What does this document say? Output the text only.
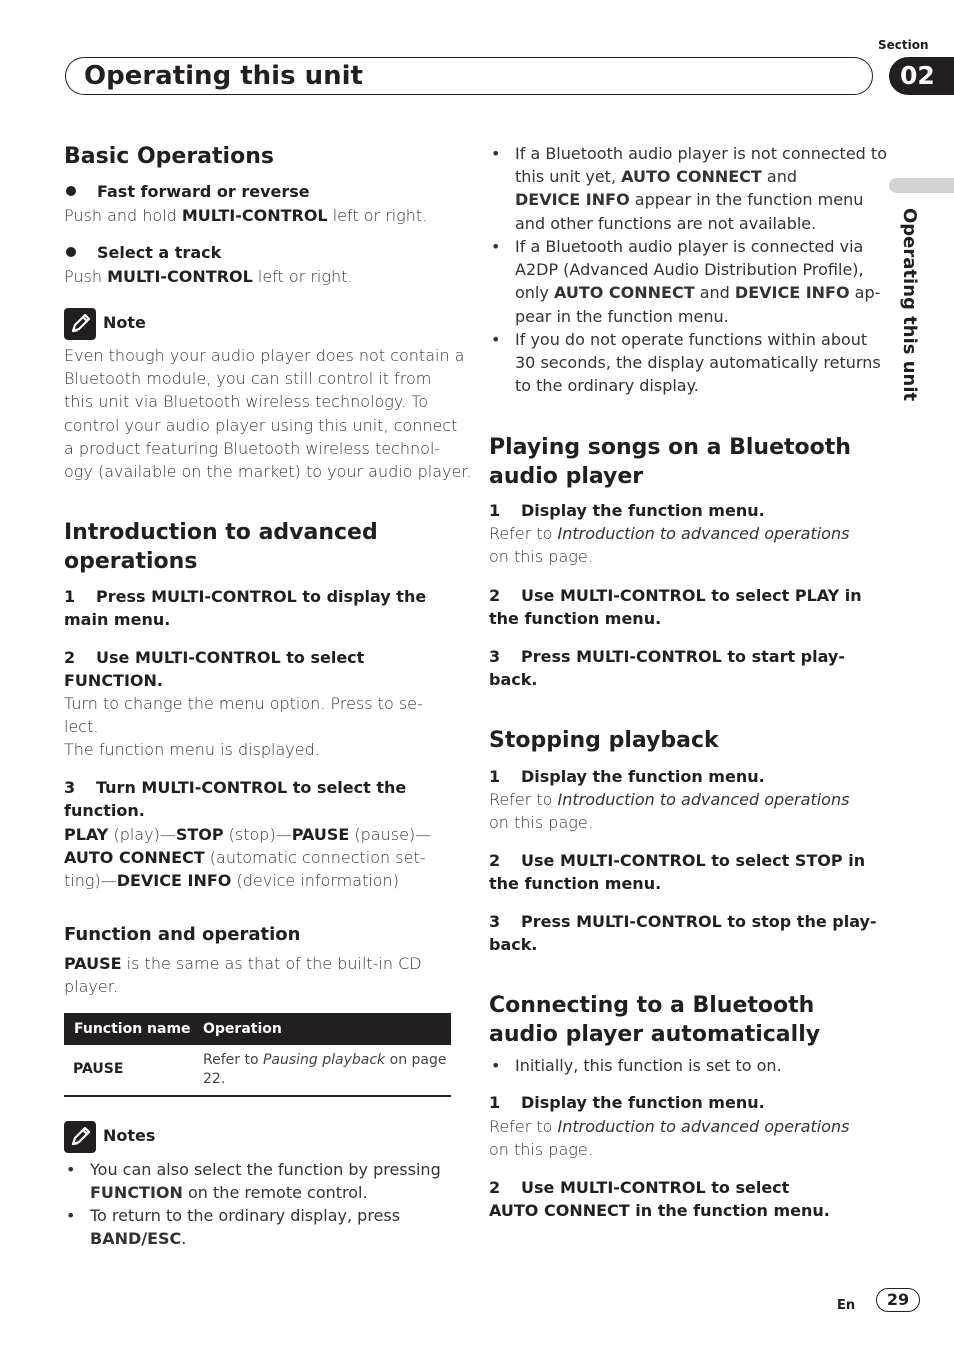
Operating this unit
Section
02
Operating this unit
Basic Operations
Fast forward or reverse
Push and hold MULTI-CONTROL left or right.
Select a track
Push MULTI-CONTROL left or right.
Note
Even though your audio player does not contain a
Bluetooth module, you can still control it from
this unit via Bluetooth wireless technology. To
control your audio player using this unit, connect
a product featuring Bluetooth wireless technol-
ogy (available on the market) to your audio player.
Introduction to advanced
operations
1 Press MULTI-CONTROL to display the
main menu.
2 Use MULTI-CONTROL to select
FUNCTION.
Turn to change the menu option. Press to se-
lect.
The function menu is displayed.
3 Turn MULTI-CONTROL to select the
function.
PLAY (play)—STOP (stop)—PAUSE (pause)—
AUTO CONNECT (automatic connection set-
ting)—DEVICE INFO (device information)
Function and operation
PAUSE is the same as that of the built-in CD
player.
Function name Operation
PAUSE
Refer to Pausing playback on page
22.
Notes
• You can also select the function by pressing
FUNCTION on the remote control.
• To return to the ordinary display, press
BAND/ESC.
• If a Bluetooth audio player is not connected to
this unit yet, AUTO CONNECT and
DEVICE INFO appear in the function menu
and other functions are not available.
• If a Bluetooth audio player is connected via
A2DP (Advanced Audio Distribution Profile),
only AUTO CONNECT and DEVICE INFO ap-
pear in the function menu.
• If you do not operate functions within about
30 seconds, the display automatically returns
to the ordinary display.
Playing songs on a Bluetooth
audio player
1 Display the function menu.
Refer to Introduction to advanced operations
on this page.
2 Use MULTI-CONTROL to select PLAY in
the function menu.
3 Press MULTI-CONTROL to start play-
back.
Stopping playback
1 Display the function menu.
Refer to Introduction to advanced operations
on this page.
2 Use MULTI-CONTROL to select STOP in
the function menu.
3 Press MULTI-CONTROL to stop the play-
back.
Connecting to a Bluetooth
audio player automatically
• Initially, this function is set to on.
1 Display the function menu.
Refer to Introduction to advanced operations
on this page.
2 Use MULTI-CONTROL to select
AUTO CONNECT in the function menu.
En	29
